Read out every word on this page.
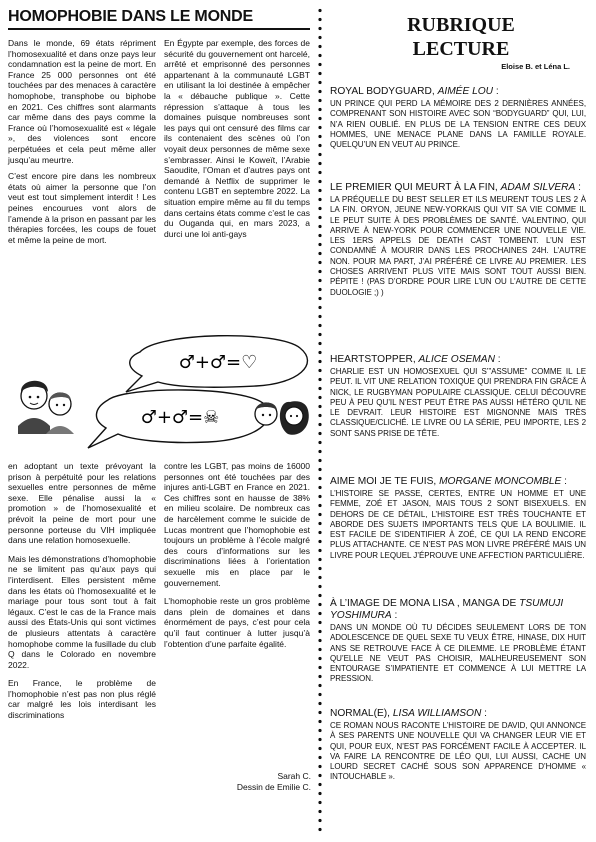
HOMOPHOBIE DANS LE MONDE

Dans le monde, 69 états répriment l’homosexualité et dans onze pays leur condamnation est la peine de mort. En France 25 000 personnes ont été touchées par des menaces à caractère homophobe, transphobe ou biphobe en 2021. Ces chiffres sont alarmants car même dans des pays comme la France où l’homosexualité est « légale », des violences sont encore perpétuées et cela peut même aller jusqu’au meurtre.

C’est encore pire dans les nombreux états où aimer la personne que l’on veut est tout simplement interdit ! Les peines encourues vont alors de l’amende à la prison en passant par les thérapies forcées, les coups de fouet et même la peine de mort.

En Égypte par exemple, des forces de sécurité du gouvernement ont harcelé, arrêté et emprisonné des personnes appartenant à la communauté LGBT en utilisant la loi destinée à empêcher la « débauche publique ». Cette répression s’attaque à tous les domaines puisque nombreuses sont les pays qui ont censuré des films car ils contenaient des scènes où l’on voyait deux personnes de même sexe s’embrasser. Ainsi le Koweït, l’Arabie Saoudite, l’Oman et d’autres pays ont demandé à Netflix de supprimer le contenu LGBT en septembre 2022. La situation empire même au fil du temps dans certains états comme c’est le cas du Ouganda qui, en mars 2023, a durci une loi anti-gays

♂+♂=♡
♂+♂=☠

en adoptant un texte prévoyant la prison à perpétuité pour les relations sexuelles entre personnes de même sexe. Elle pénalise aussi la « promotion » de l’homosexualité et prévoit la peine de mort pour une personne porteuse du VIH impliquée dans une relation homosexuelle.

Mais les démonstrations d’homophobie ne se limitent pas qu’aux pays qui l’interdisent. Elles persistent même dans les états où l’homosexualité et le mariage pour tous sont tout à fait légaux. C’est le cas de la France mais aussi des États-Unis qui sont victimes de plusieurs attentats à caractère homophobe comme la fusillade du club Q dans le Colorado en novembre 2022.

En France, le problème de l’homophobie n’est pas non plus réglé car malgré les lois interdisant les discriminations

contre les LGBT, pas moins de 16000 personnes ont été touchées par des injures anti-LGBT en France en 2021. Ces chiffres sont en hausse de 38% en milieu scolaire. De nombreux cas de harcèlement comme le suicide de Lucas montrent que l’homophobie est toujours un problème à l’école malgré des cours d’informations sur les discriminations liées à l’orientation sexuelle mis en place par le gouvernement.

L’homophobie reste un gros problème dans plein de domaines et dans énormément de pays, c’est pour cela qu’il faut continuer à lutter jusqu’à l’obtention d’une parfaite égalité.

Sarah C.
Dessin de Emilie C.
RUBRIQUE
LECTURE
Eloise B. et Léna L.
ROYAL BODYGUARD, AIMÉE LOU :

UN PRINCE QUI PERD LA MÉMOIRE DES 2 DERNIÈRES ANNÉES, COMPRENANT SON HISTOIRE AVEC SON “BODYGUARD” QUI, LUI, N’A RIEN OUBLIÉ. EN PLUS DE LA TENSION ENTRE CES DEUX HOMMES, UNE MENACE PLANE DANS LA FAMILLE ROYALE. QUELQU’UN EN VEUT AU PRINCE.

LE PREMIER QUI MEURT À LA FIN, ADAM SILVERA :

LA PRÉQUELLE DU BEST SELLER ET ILS MEURENT TOUS LES 2 À LA FIN. ORYON, JEUNE NEW-YORKAIS QUI VIT SA VIE COMME IL LE PEUT SUITE À DES PROBLÈMES DE SANTÉ. VALENTINO, QUI ARRIVE À NEW-YORK POUR COMMENCER UNE NOUVELLE VIE. LES 1ERS APPELS DE DEATH CAST TOMBENT. L’UN EST CONDAMNÉ À MOURIR DANS LES PROCHAINES 24H. L’AUTRE NON. POUR MA PART, J’AI PRÉFÉRÉ CE LIVRE AU PREMIER. LES CHOSES ARRIVENT PLUS VITE MAIS SONT TOUT AUSSI BIEN. PÉPITE ! (PAS D’ORDRE POUR LIRE L’UN OU L’AUTRE DE CETTE DUOLOGIE ;) )

HEARTSTOPPER, ALICE OSEMAN :

CHARLIE EST UN HOMOSEXUEL QUI S’”ASSUME” COMME IL LE PEUT. IL VIT UNE RELATION TOXIQUE QUI PRENDRA FIN GRÂCE À NICK, LE RUGBYMAN POPULAIRE CLASSIQUE. CELUI DÉCOUVRE PEU À PEU QU’IL N’EST PEUT ÊTRE PAS AUSSI HÉTÉRO QU’IL NE LE DEVRAIT. LEUR HISTOIRE EST MIGNONNE MAIS TRÈS CLASSIQUE/CLICHÉ. LE LIVRE OU LA SÉRIE, PEU IMPORTE, LES 2 SONT SANS PRISE DE TÊTE.

AIME MOI JE TE FUIS, MORGANE MONCOMBLE :

L’HISTOIRE SE PASSE, CERTES, ENTRE UN HOMME ET UNE FEMME, ZOÉ ET JASON, MAIS TOUS 2 SONT BISEXUELS. EN DEHORS DE CE DÉTAIL, L’HISTOIRE EST TRÈS TOUCHANTE ET ABORDE DES SUJETS IMPORTANTS TELS QUE LA BOULIMIE. IL EST FACILE DE S’IDENTIFIER À ZOÉ, CE QUI LA REND ENCORE PLUS ATTACHANTE. CE N’EST PAS MON LIVRE PRÉFÉRÉ MAIS UN LIVRE POUR LEQUEL J’ÉPROUVE UNE AFFECTION PARTICULIÈRE.

À L’IMAGE DE MONA LISA , MANGA DE TSUMUJI YOSHIMURA :

DANS UN MONDE OÙ TU DÉCIDES SEULEMENT LORS DE TON ADOLESCENCE DE QUEL SEXE TU VEUX ÊTRE, HINASE, DIX HUIT ANS SE RETROUVE FACE À CE DILEMME. LE PROBLÈME ÉTANT QU’ELLE NE VEUT PAS CHOISIR, MALHEUREUSEMENT SON ENTOURAGE S’IMPATIENTE ET COMMENCE À LUI METTRE LA PRESSION.

NORMAL(E), LISA WILLIAMSON :

CE ROMAN NOUS RACONTE L’HISTOIRE DE DAVID, QUI ANNONCE À SES PARENTS UNE NOUVELLE QUI VA CHANGER LEUR VIE ET QUI, POUR EUX, N’EST PAS FORCÉMENT FACILE À ACCEPTER. IL VA FAIRE LA RENCONTRE DE LÉO QUI, LUI AUSSI, CACHE UN LOURD SECRET CACHÉ SOUS SON APPARENCE D’HOMME « INTOUCHABLE ».
